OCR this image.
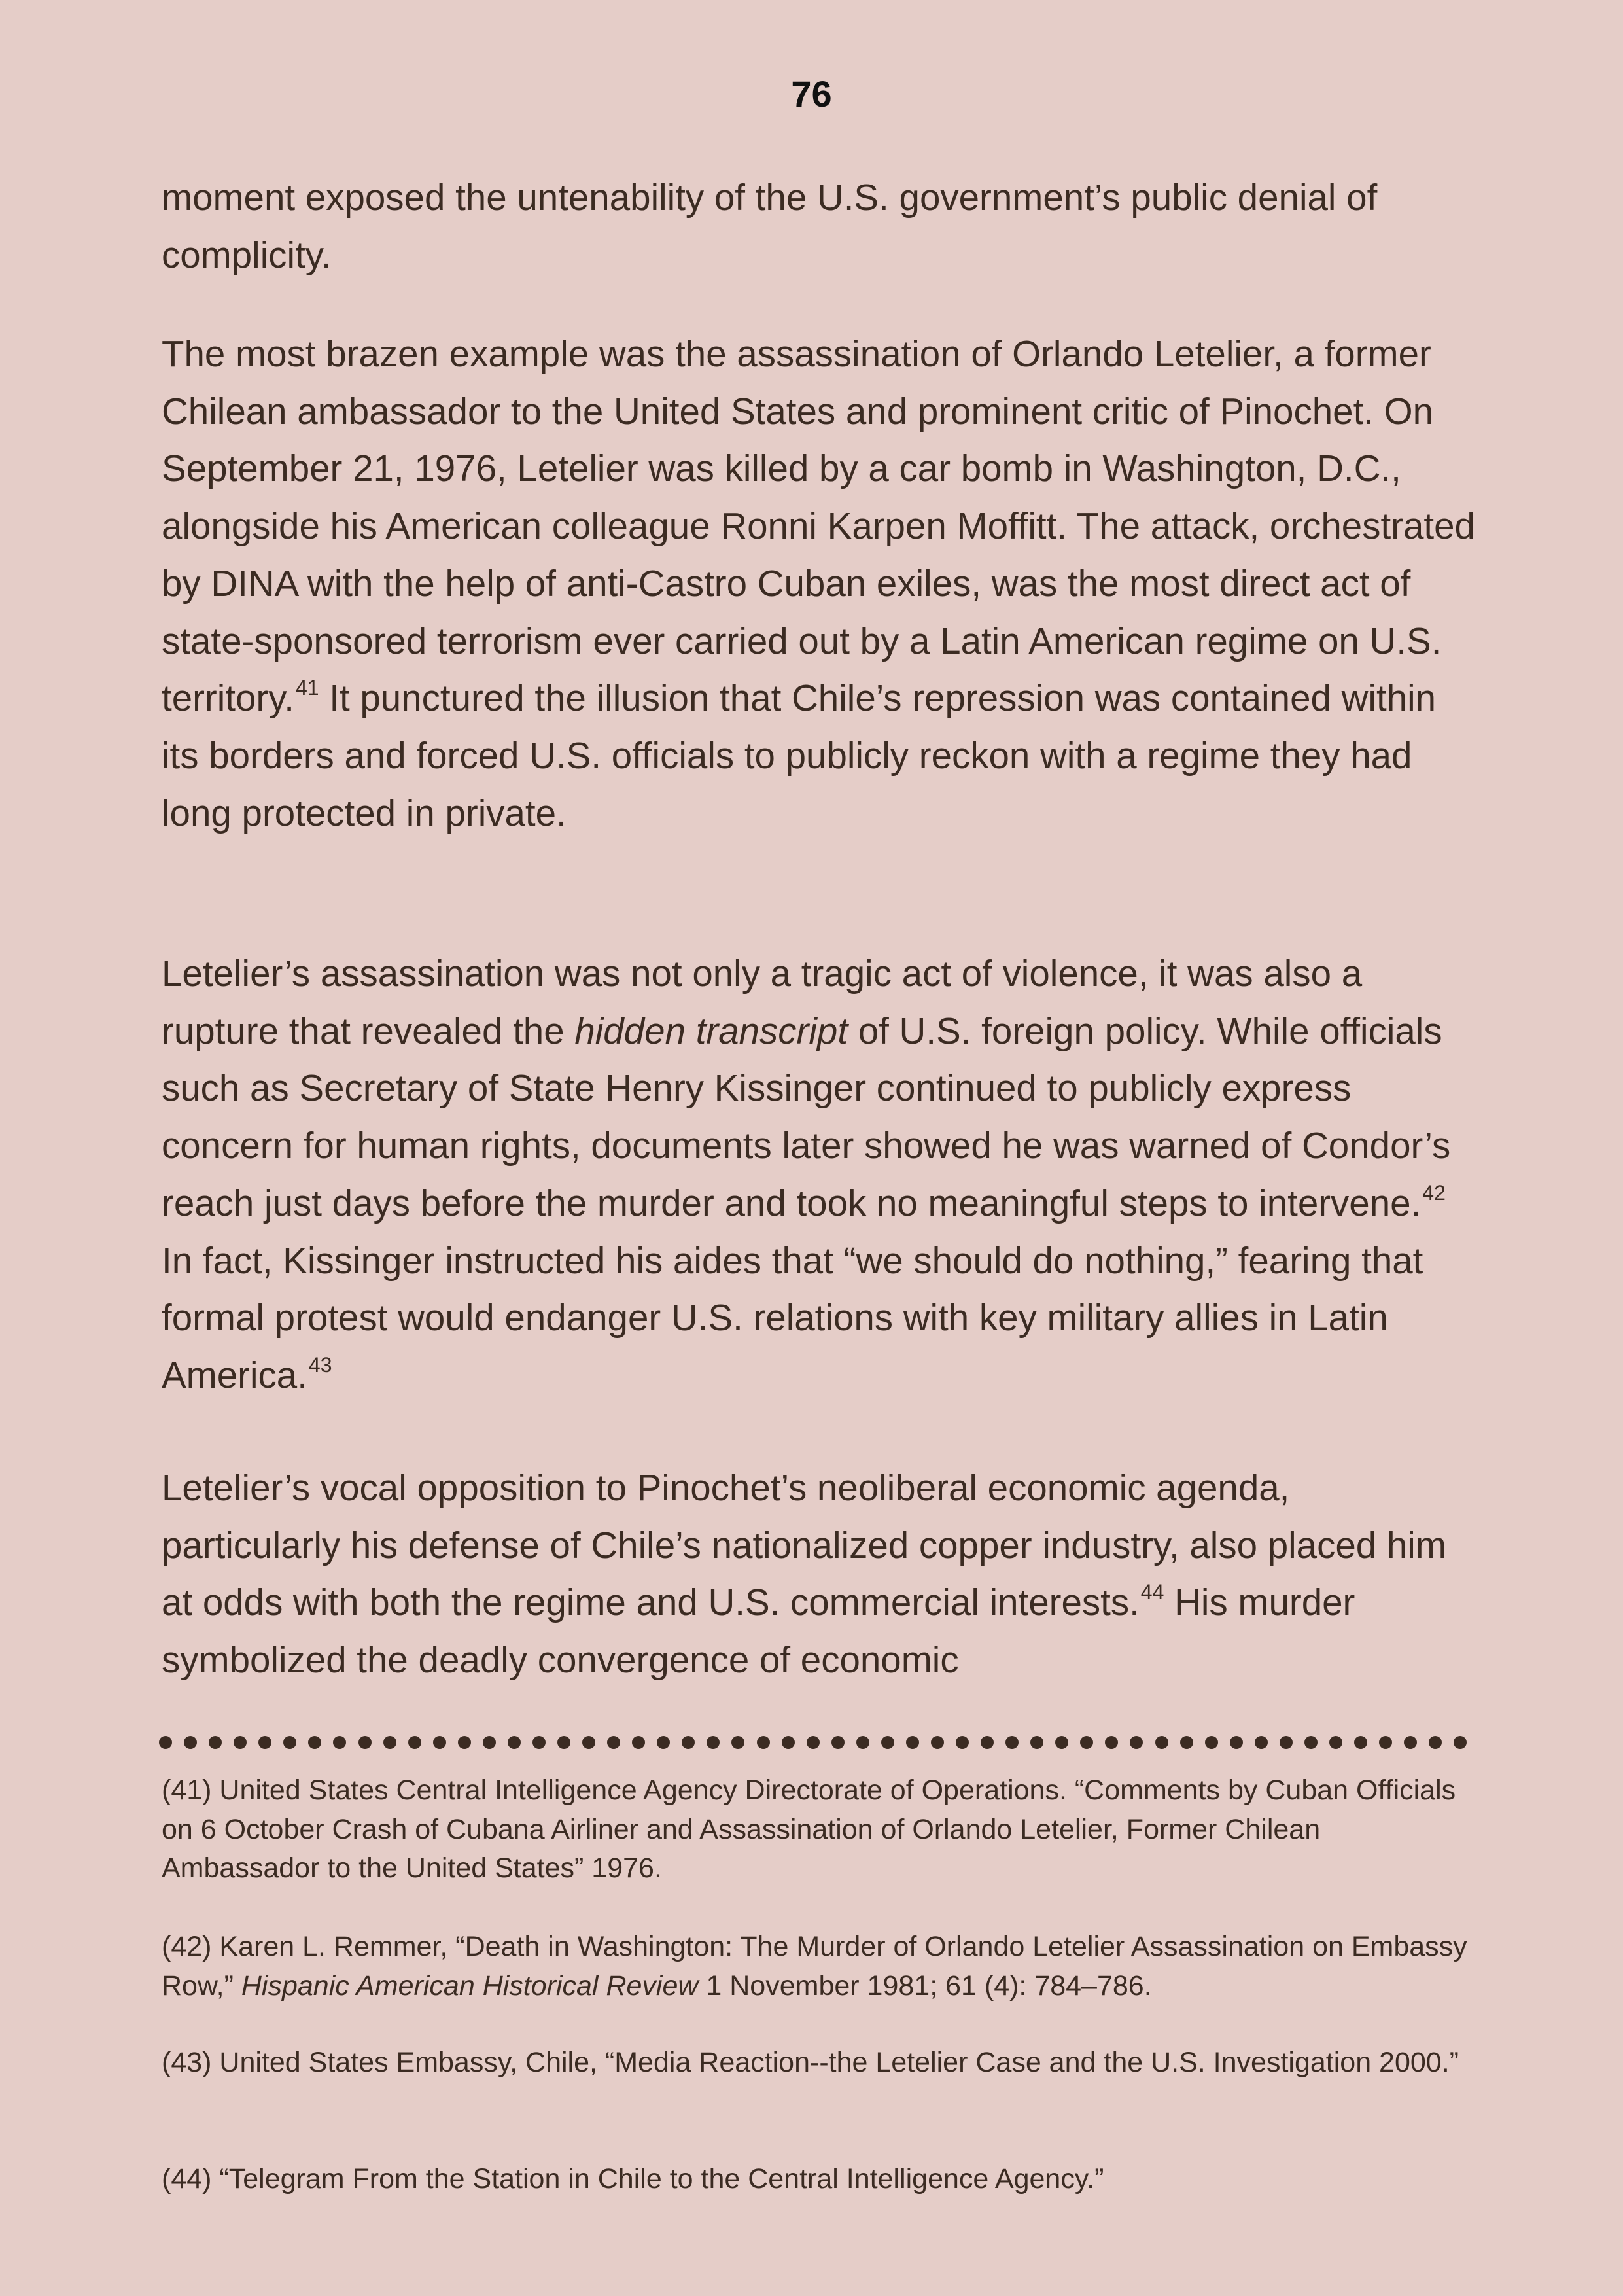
76

moment exposed the untenability of the U.S. government’s public denial of complicity.

The most brazen example was the assassination of Orlando Letelier, a former Chilean ambassador to the United States and prominent critic of Pinochet. On September 21, 1976, Letelier was killed by a car bomb in Washington, D.C., alongside his American colleague Ronni Karpen Moffitt. The attack, orchestrated by DINA with the help of anti-Castro Cuban exiles, was the most direct act of state-sponsored terrorism ever carried out by a Latin American regime on U.S. territory.$^{41}$ It punctured the illusion that Chile’s repression was contained within its borders and forced U.S. officials to publicly reckon with a regime they had long protected in private.

Letelier’s assassination was not only a tragic act of violence, it was also a rupture that revealed the hidden transcript of U.S. foreign policy. While officials such as Secretary of State Henry Kissinger continued to publicly express concern for human rights, documents later showed he was warned of Condor’s reach just days before the murder and took no meaningful steps to intervene.$^{42}$ In fact, Kissinger instructed his aides that “we should do nothing,” fearing that formal protest would endanger U.S. relations with key military allies in Latin America.$^{43}$

Letelier’s vocal opposition to Pinochet’s neoliberal economic agenda, particularly his defense of Chile’s nationalized copper industry, also placed him at odds with both the regime and U.S. commercial interests.$^{44}$ His murder symbolized the deadly convergence of economic

(41) United States Central Intelligence Agency Directorate of Operations. “Comments by Cuban Officials on 6 October Crash of Cubana Airliner and Assassination of Orlando Letelier, Former Chilean Ambassador to the United States” 1976.

(42) Karen L. Remmer, “Death in Washington: The Murder of Orlando Letelier Assassination on Embassy Row,” Hispanic American Historical Review 1 November 1981; 61 (4): 784–786.

(43) United States Embassy, Chile, “Media Reaction--the Letelier Case and the U.S. Investigation 2000.”

(44) “Telegram From the Station in Chile to the Central Intelligence Agency.”
